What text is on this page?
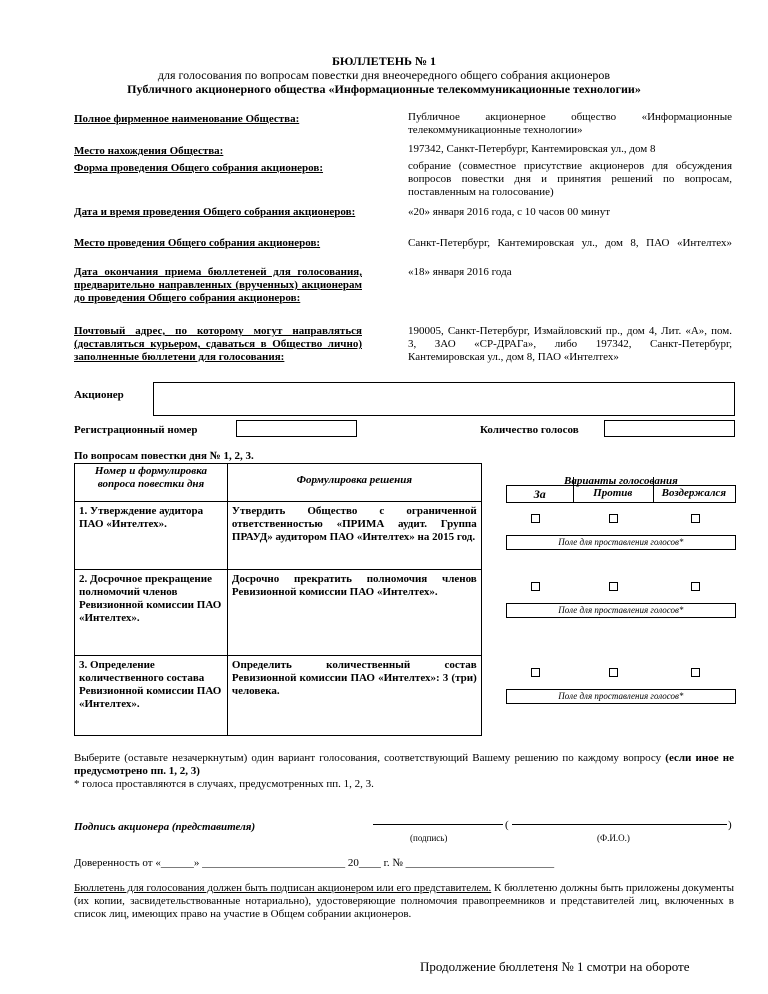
БЮЛЛЕТЕНЬ № 1
для голосования по вопросам повестки дня внеочередного общего собрания акционеров
Публичного акционерного общества «Информационные телекоммуникационные технологии»
Полное фирменное наименование Общества:	Публичное акционерное общество «Информационные телекоммуникационные технологии»
Место нахождения Общества:	197342, Санкт-Петербург, Кантемировская ул., дом 8
Форма проведения Общего собрания акционеров:	собрание (совместное присутствие акционеров для обсуждения вопросов повестки дня и принятия решений по вопросам, поставленным на голосование)
Дата и время проведения Общего собрания акционеров:	«20» января 2016 года, с 10 часов 00 минут
Место проведения Общего собрания акционеров:	Санкт-Петербург, Кантемировская ул., дом 8, ПАО «Интелтех»
Дата окончания приема бюллетеней для голосования, предварительно направленных (врученных) акционерам до проведения Общего собрания акционеров:
«18» января 2016 года
Почтовый адрес, по которому могут направляться (доставляться курьером, сдаваться в Общество лично) заполненные бюллетени для голосования:
190005, Санкт-Петербург, Измайловский пр., дом 4, Лит. «А», пом. 3, ЗАО «СР-ДРАГа», либо 197342, Санкт-Петербург, Кантемировская ул., дом 8, ПАО «Интелтех»
Акционер
Регистрационный номер	Количество голосов
По вопросам повестки дня № 1, 2, 3.
Номер и формулировка вопроса повестки дня	Формулировка решения	Варианты голосования
За Против Воздержался

1. Утверждение аудитора ПАО «Интелтех».	Утвердить Общество с ограниченной ответственностью «ПРИМА аудит. Группа ПРАУД» аудитором ПАО «Интелтех» на 2015 год.	Поле для проставления голосов*

2. Досрочное прекращение полномочий членов Ревизионной комиссии ПАО «Интелтех».	Досрочно прекратить полномочия членов Ревизионной комиссии ПАО «Интелтех».	Поле для проставления голосов*

3. Определение количественного состава Ревизионной комиссии ПАО «Интелтех».	Определить количественный состав Ревизионной комиссии ПАО «Интелтех»: 3 (три) человека.	Поле для проставления голосов*
Выберите (оставьте незачеркнутым) один вариант голосования, соответствующий Вашему решению по каждому вопросу (если иное не предусмотрено пп. 1, 2, 3)
* голоса проставляются в случаях, предусмотренных пп. 1, 2, 3.
Подпись акционера (представителя)	(	)
(подпись)	(Ф.И.О.)
Доверенность от «______» __________________________ 20____ г. № ___________________________
Бюллетень для голосования должен быть подписан акционером или его представителем. К бюллетеню должны быть приложены документы (их копии, засвидетельствованные нотариально), удостоверяющие полномочия правопреемников и представителей лиц, включенных в список лиц, имеющих право на участие в Общем собрании акционеров.
Продолжение бюллетеня № 1 смотри на обороте
